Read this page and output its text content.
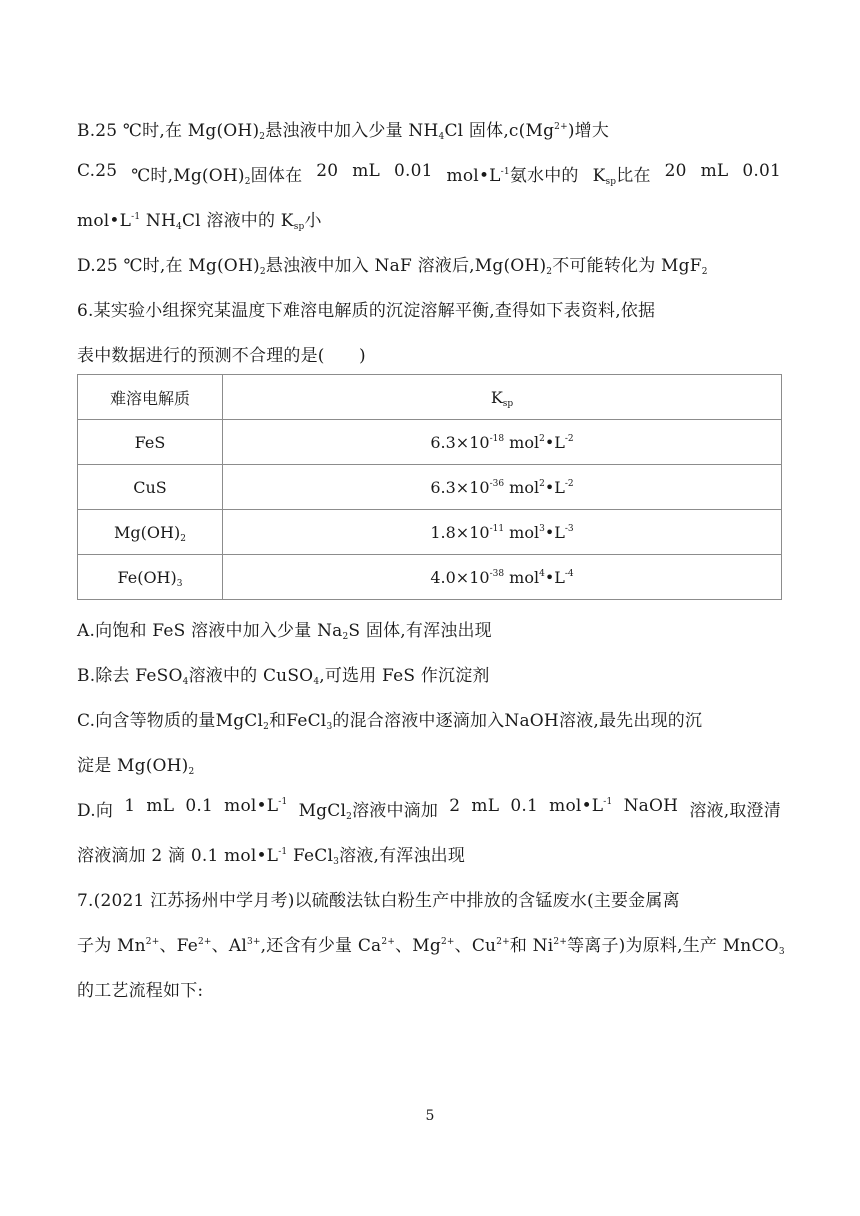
B.25 ℃时,在 $Mg(OH)_2$悬浊液中加入少量 $NH_4Cl$ 固体$,c(Mg^{2+})$增大
C.25 ℃时$,Mg(OH)_2$固体在 20 mL 0.01 $mol•L^{-1}$氨水中的 $K_{sp}$比在 20 mL 0.01
$mol•L^{-1}$ $NH_4Cl$ 溶液中的 $K_{sp}$小
D.25 ℃时,在 $Mg(OH)_2$悬浊液中加入 NaF 溶液后$,Mg(OH)_2$不可能转化为 MgF$_2$
6.某实验小组探究某温度下难溶电解质的沉淀溶解平衡,查得如下表资料,依据
表中数据进行的预测不合理的是(　　)
难溶电解质	$K_{sp}$
FeS	$6.3\times 10^{-18}$ $mol^2•L^{-2}$
CuS	$6.3\times 10^{-36}$ $mol^2•L^{-2}$
$Mg(OH)_2$	$1.8\times 10^{-11}$ $mol^3•L^{-3}$
$Fe(OH)_3$	$4.0\times 10^{-38}$ $mol^4•L^{-4}$
A.向饱和 FeS 溶液中加入少量 $Na_2S$ 固体,有浑浊出现
B.除去 FeSO$_4$溶液中的 CuSO$_4$,可选用 FeS 作沉淀剂
C.向含等物质的量MgCl$_2$和FeCl$_3$的混合溶液中逐滴加入NaOH溶液,最先出现的沉
淀是 $Mg(OH)_2$
D.向 1 mL 0.1 $mol•L^{-1}$ MgCl$_2$溶液中滴加 2 mL 0.1 $mol•L^{-1}$ NaOH 溶液,取澄清
溶液滴加 2 滴 0.1 $mol•L^{-1}$ FeCl$_3$溶液,有浑浊出现
7.(2021 江苏扬州中学月考)以硫酸法钛白粉生产中排放的含锰废水(主要金属离
子为 $Mn^{2+}$、$Fe^{2+}$、$Al^{3+}$,还含有少量 $Ca^{2+}$、$Mg^{2+}$、$Cu^{2+}$和 $Ni^{2+}$等离子)为原料,生产 MnCO$_3$
的工艺流程如下:
5
